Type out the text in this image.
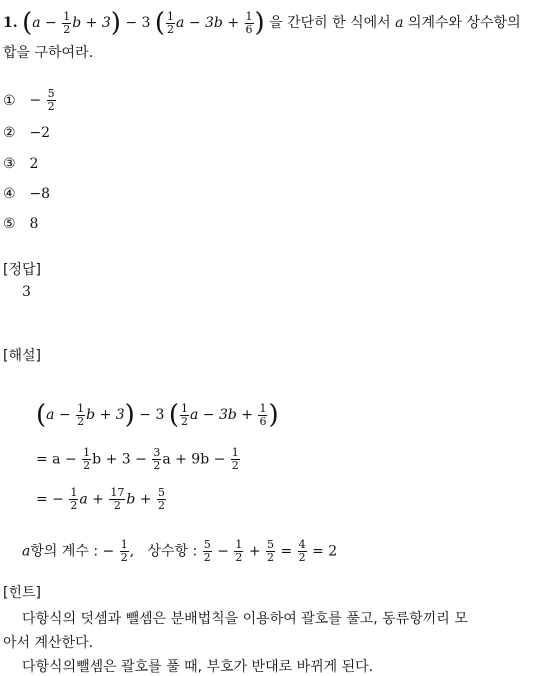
1. ($a - \frac{1}{2}$ b + 3) − 3 ( $\frac{1}{2}$ $a - 3b + \frac{1}{6}$ ) 을 간단히 한 식에서 a 의계수와 상수항의
합을 구하여라.
① − $\frac{5}{2}$
② −2
③ 2
④ −8
⑤ 8
[정답]
3
[해설]
($a - \frac{1}{2}$ b + 3) − 3 ( $\frac{1}{2}$ $a - 3b + \frac{1}{6}$ )
= $a - \frac{1}{2}$ $b + 3 - \frac{3}{2}$ $a + 9b - \frac{1}{2}$
= − $\frac{1}{2}$ $a + \frac{17}{2}$ $b + \frac{5}{2}$
a항의 계수 : − $\frac{1}{2}$ ,   상수항 : $\frac{5}{2} - \frac{1}{2} + \frac{5}{2} = \frac{4}{2} = 2$
[힌트]
다항식의 덧셈과 뺄셈은 분배법칙을 이용하여 괄호를 풀고, 동류항끼리 모
아서 계산한다.
다항식의뺄셈은 괄호를 풀 때, 부호가 반대로 바뀌게 된다.
